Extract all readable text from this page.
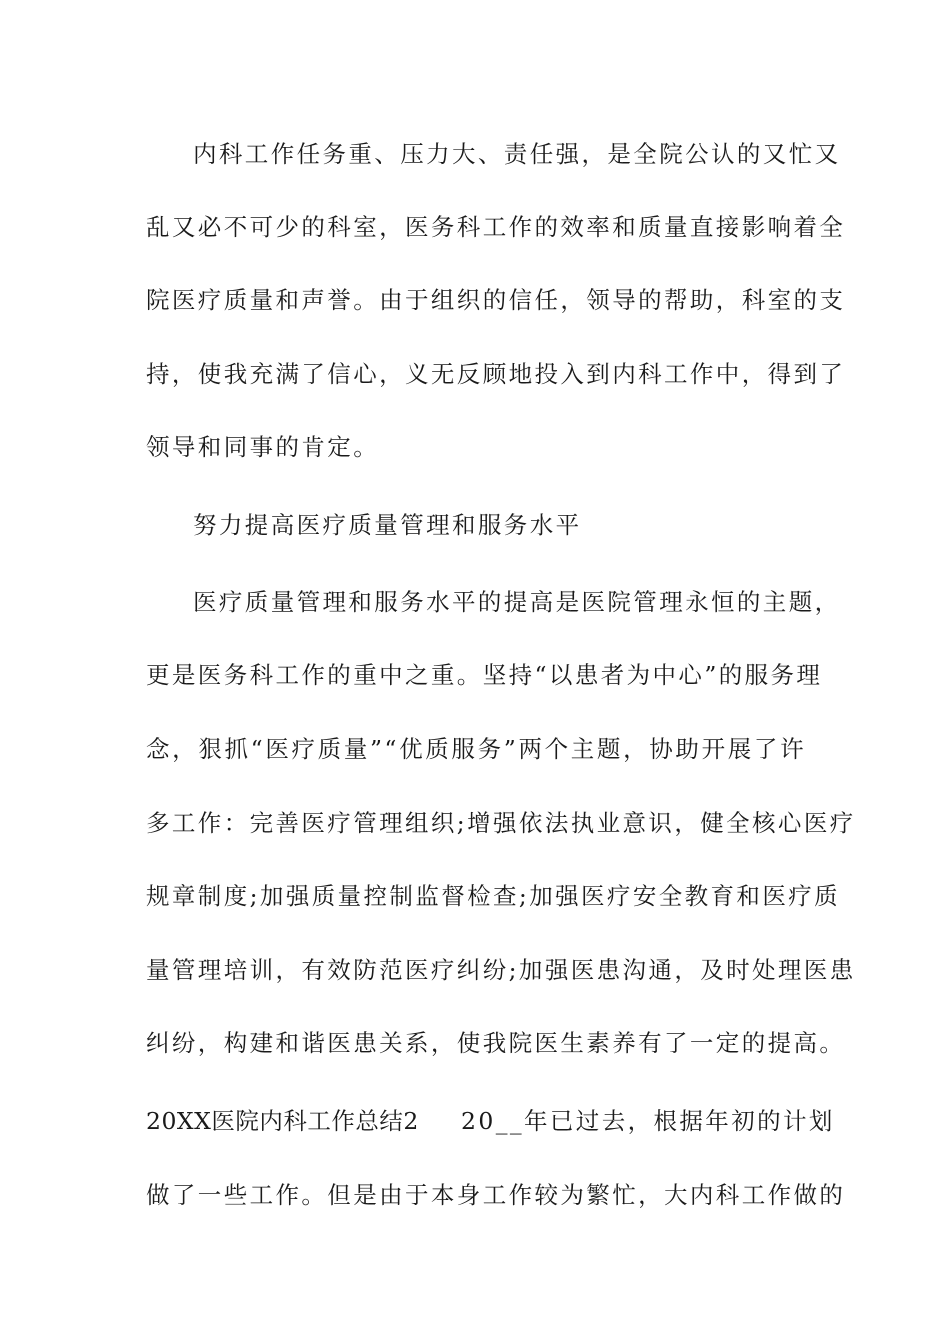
内科工作任务重、压力大、责任强，是全院公认的又忙又
乱又必不可少的科室，医务科工作的效率和质量直接影响着全
院医疗质量和声誉。由于组织的信任，领导的帮助，科室的支
持，使我充满了信心，义无反顾地投入到内科工作中，得到了
领导和同事的肯定。
努力提高医疗质量管理和服务水平
医疗质量管理和服务水平的提高是医院管理永恒的主题，
更是医务科工作的重中之重。坚持“以患者为中心”的服务理
念，狠抓“医疗质量”“优质服务”两个主题，协助开展了许
多工作：完善医疗管理组织;增强依法执业意识，健全核心医疗
规章制度;加强质量控制监督检查;加强医疗安全教育和医疗质
量管理培训，有效防范医疗纠纷;加强医患沟通，及时处理医患
纠纷，构建和谐医患关系，使我院医生素养有了一定的提高。
20XX医院内科工作总结2 20__年已过去，根据年初的计划
做了一些工作。但是由于本身工作较为繁忙，大内科工作做的
